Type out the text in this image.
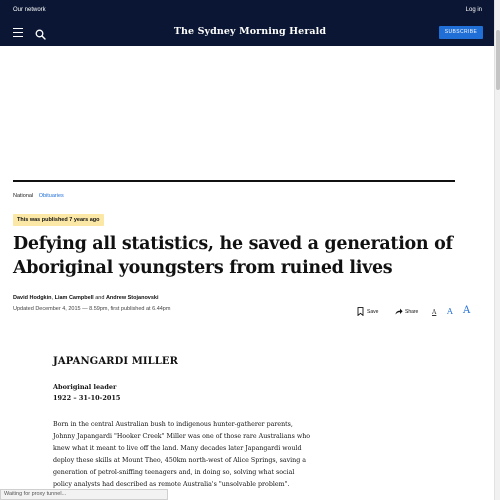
Our network	Log in
The Sydney Morning Herald	SUBSCRIBE
National Obituaries
This was published 7 years ago
Defying all statistics, he saved a generation of Aboriginal youngsters from ruined lives
David Hodgkin, Liam Campbell and Andrew Stojanovski
Updated December 4, 2015 — 8.59pm, first published at 6.44pm	Save	Share A A A
JAPANGARDI MILLER
Aboriginal leader
1922 – 31-10-2015

Born in the central Australian bush to indigenous hunter-gatherer parents, Johnny Japangardi "Hooker Creek" Miller was one of those rare Australians who knew what it meant to live off the land. Many decades later Japangardi would deploy these skills at Mount Theo, 450km north-west of Alice Springs, saving a generation of petrol-sniffing teenagers and, in doing so, solving what social policy analysts had described as remote Australia's "unsolvable problem".

Waiting for proxy tunnel...
